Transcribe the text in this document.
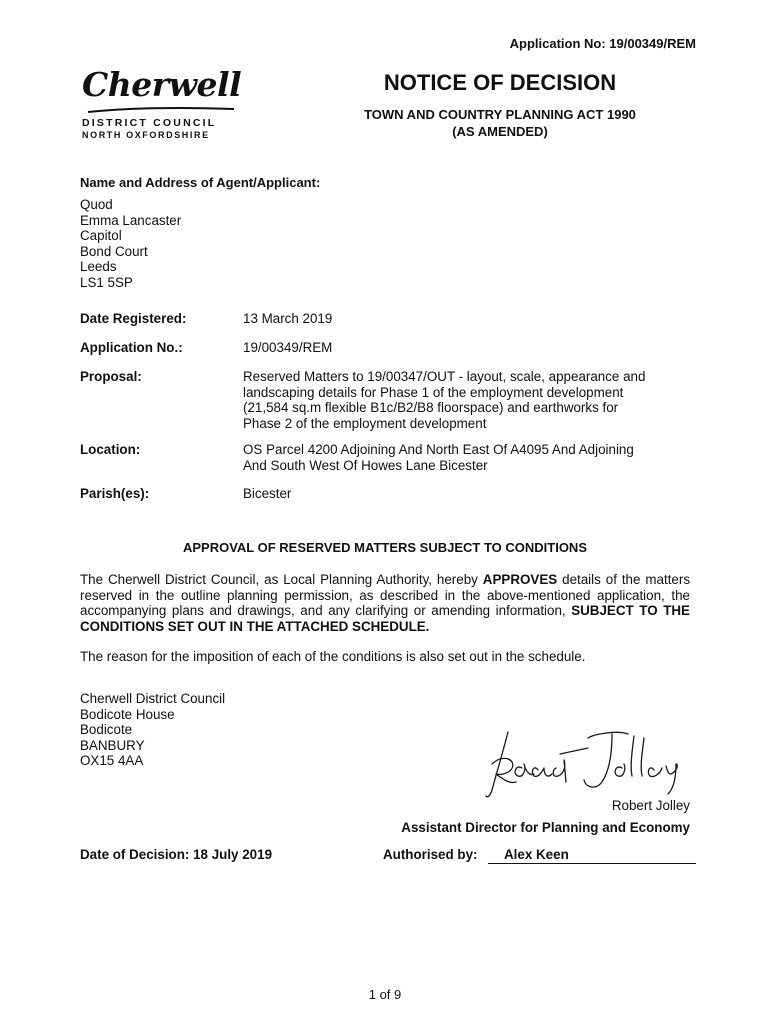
Application No: 19/00349/REM
Cherwell
DISTRICT COUNCIL
NORTH OXFORDSHIRE
NOTICE OF DECISION
TOWN AND COUNTRY PLANNING ACT 1990
(AS AMENDED)
Name and Address of Agent/Applicant:
Quod
Emma Lancaster
Capitol
Bond Court
Leeds
LS1 5SP
Date Registered:	13 March 2019
Application No.:	19/00349/REM
Proposal:	Reserved Matters to 19/00347/OUT - layout, scale, appearance and
landscaping details for Phase 1 of the employment development
(21,584 sq.m flexible B1c/B2/B8 floorspace) and earthworks for
Phase 2 of the employment development
Location:	OS Parcel 4200 Adjoining And North East Of A4095 And Adjoining
And South West Of Howes Lane Bicester
Parish(es):	Bicester
APPROVAL OF RESERVED MATTERS SUBJECT TO CONDITIONS
The Cherwell District Council, as Local Planning Authority, hereby APPROVES details of the matters reserved in the outline planning permission, as described in the above-mentioned application, the accompanying plans and drawings, and any clarifying or amending information, SUBJECT TO THE CONDITIONS SET OUT IN THE ATTACHED SCHEDULE.
The reason for the imposition of each of the conditions is also set out in the schedule.
Cherwell District Council
Bodicote House
Bodicote
BANBURY
OX15 4AA
Robert Jolley
Assistant Director for Planning and Economy
Date of Decision: 18 July 2019	Authorised by: Alex Keen
1 of 9
